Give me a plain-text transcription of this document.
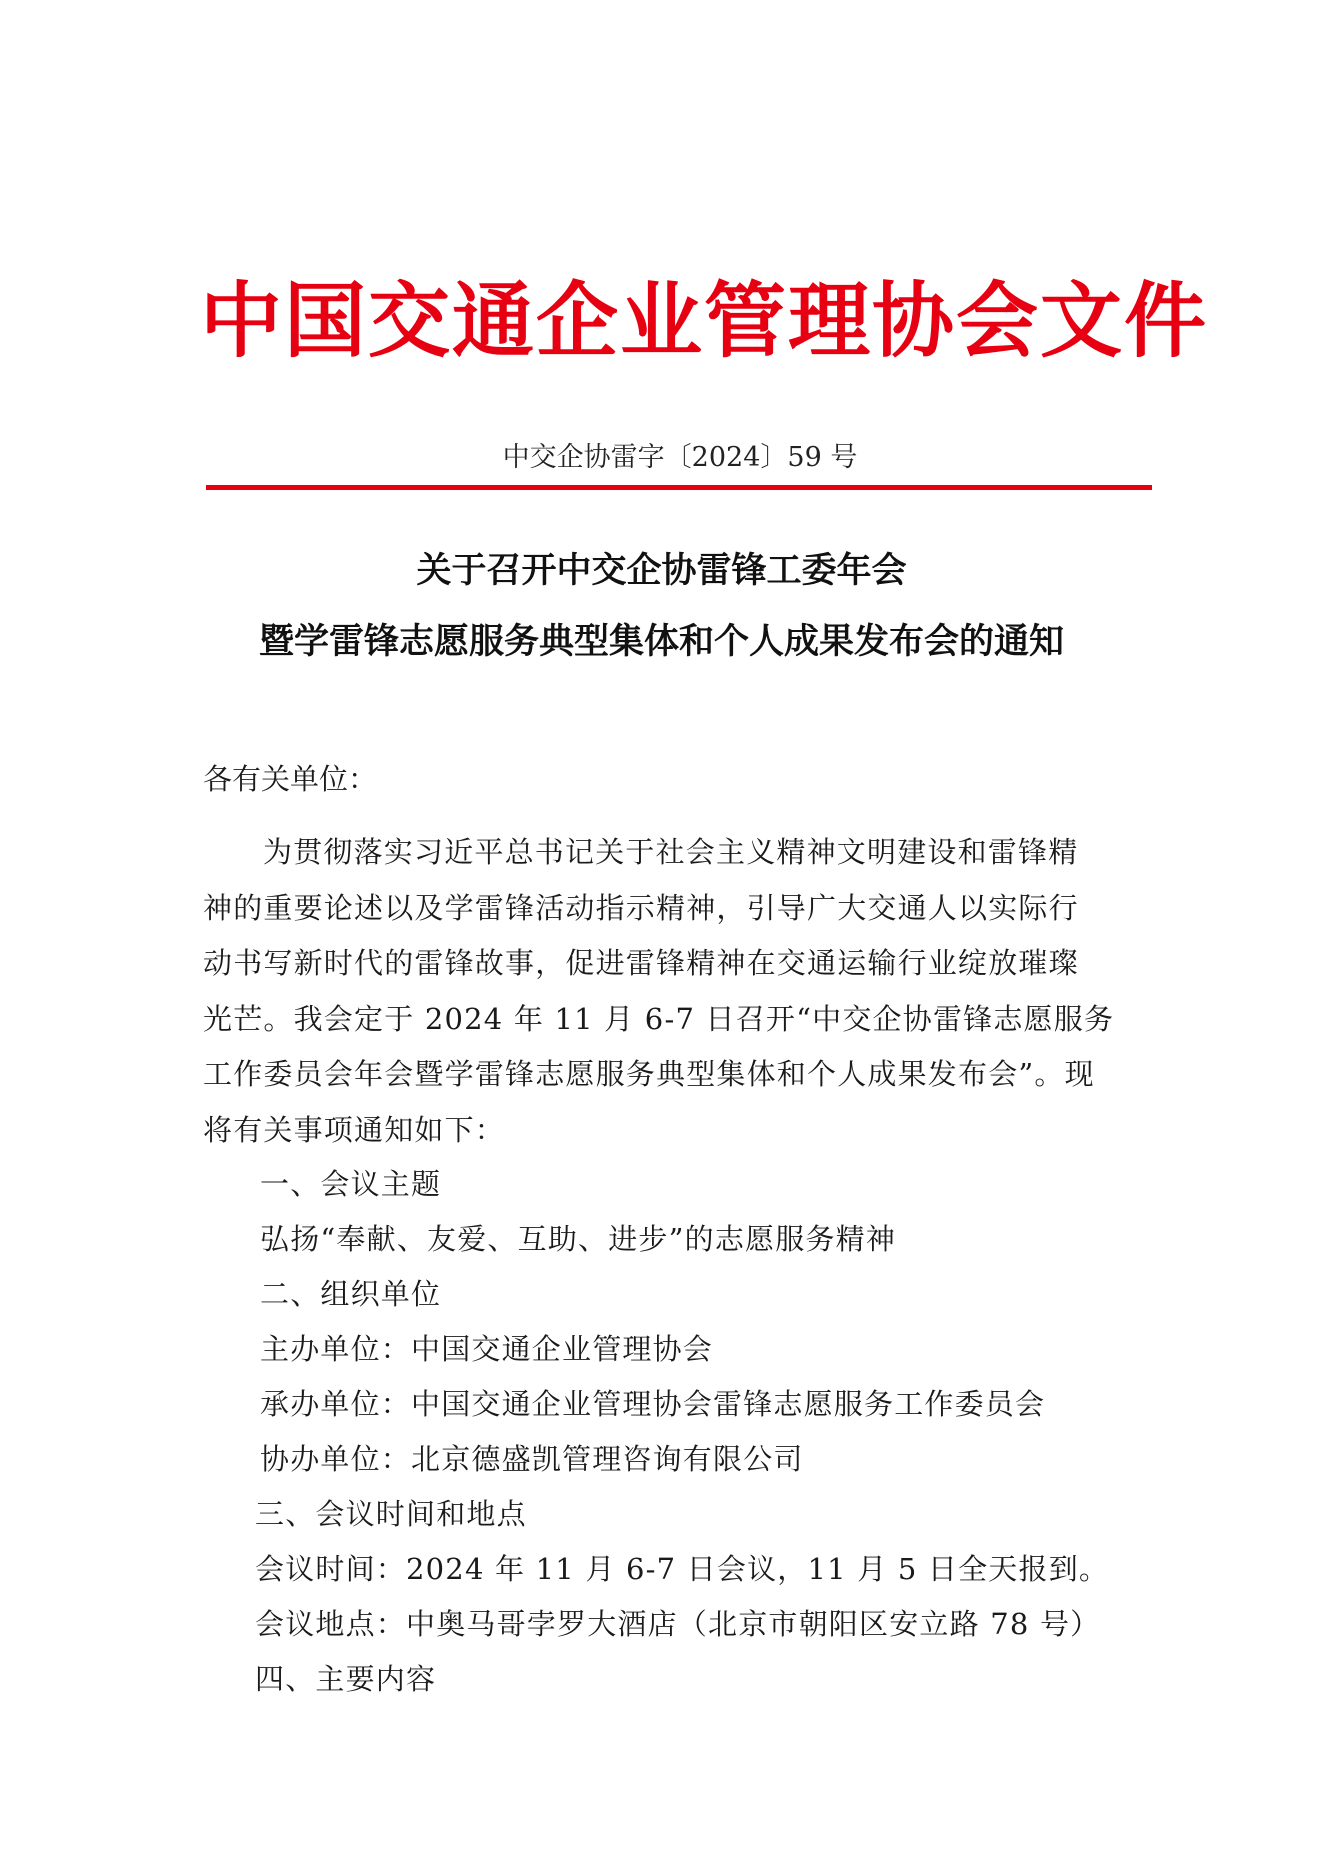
中国交通企业管理协会文件
中交企协雷字〔2024〕59 号
关于召开中交企协雷锋工委年会
暨学雷锋志愿服务典型集体和个人成果发布会的通知
各有关单位：
为贯彻落实习近平总书记关于社会主义精神文明建设和雷锋精
神的重要论述以及学雷锋活动指示精神，引导广大交通人以实际行
动书写新时代的雷锋故事，促进雷锋精神在交通运输行业绽放璀璨
光芒。我会定于 2024 年 11 月 6-7 日召开“中交企协雷锋志愿服务
工作委员会年会暨学雷锋志愿服务典型集体和个人成果发布会”。现
将有关事项通知如下：
一、会议主题
弘扬“奉献、友爱、互助、进步”的志愿服务精神
二、组织单位
主办单位：中国交通企业管理协会
承办单位：中国交通企业管理协会雷锋志愿服务工作委员会
协办单位：北京德盛凯管理咨询有限公司
三、会议时间和地点
会议时间：2024 年 11 月 6-7 日会议，11 月 5 日全天报到。
会议地点：中奥马哥孛罗大酒店（北京市朝阳区安立路 78 号）
四、主要内容
